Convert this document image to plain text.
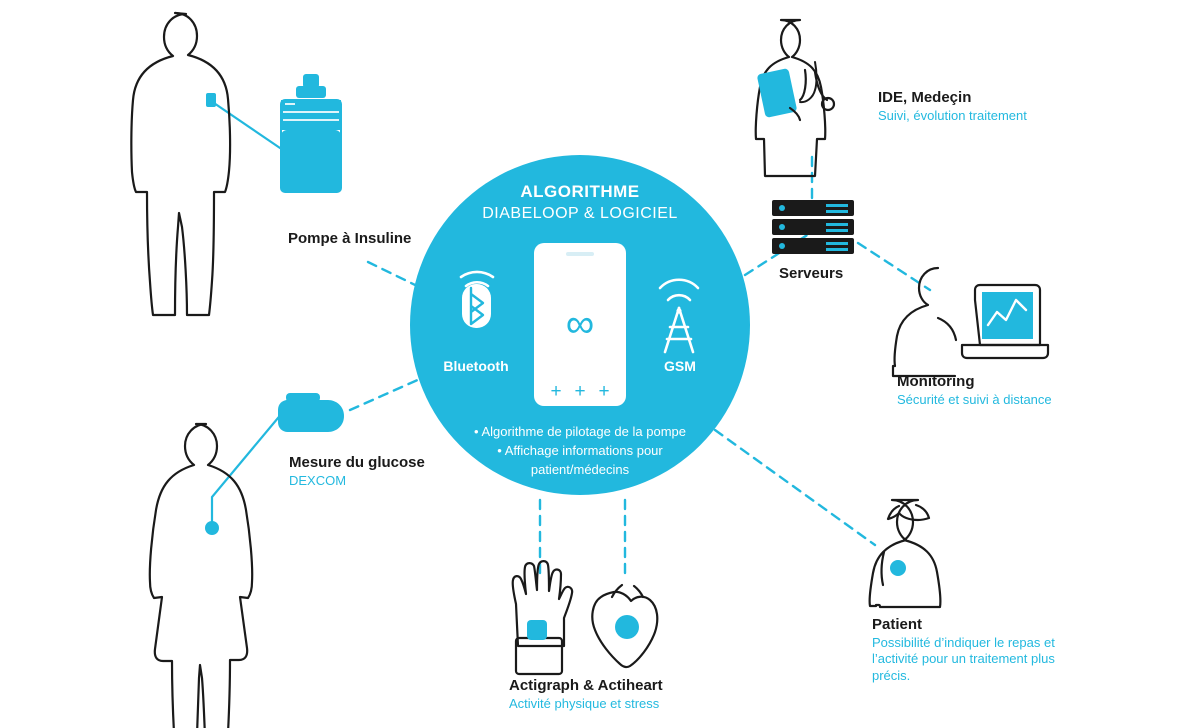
∞
+ + +
ALGORITHME
DIABELOOP & LOGICIEL
• Algorithme de pilotage de la pompe
• Affichage informations pour
patient/médecins
Bluetooth	GSM
Pompe à Insuline
Mesure du glucose
DEXCOM
Actigraph & Actiheart
Activité physique et stress
IDE, Medeçin
Suivi, évolution traitement
Serveurs
Monitoring
Sécurité et suivi à distance
Patient
Possibilité d’indiquer le repas et l’activité pour un traitement plus précis.
